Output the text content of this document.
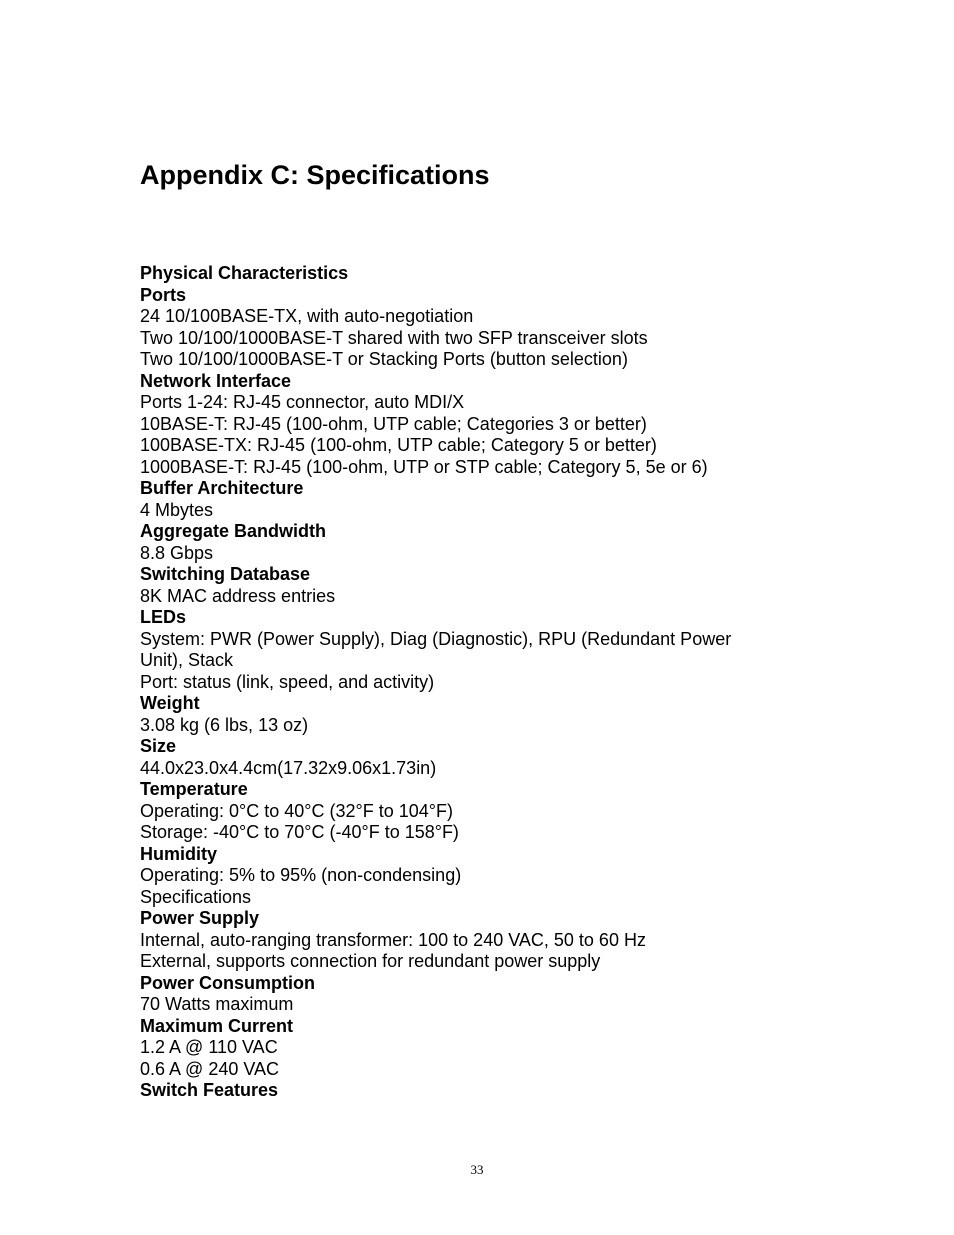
Appendix C: Specifications
Physical Characteristics
Ports
24 10/100BASE-TX, with auto-negotiation
Two 10/100/1000BASE-T shared with two SFP transceiver slots
Two 10/100/1000BASE-T or Stacking Ports (button selection)
Network Interface
Ports 1-24: RJ-45 connector, auto MDI/X
10BASE-T: RJ-45 (100-ohm, UTP cable; Categories 3 or better)
100BASE-TX: RJ-45 (100-ohm, UTP cable; Category 5 or better)
1000BASE-T: RJ-45 (100-ohm, UTP or STP cable; Category 5, 5e or 6)
Buffer Architecture
4 Mbytes
Aggregate Bandwidth
8.8 Gbps
Switching Database
8K MAC address entries
LEDs
System: PWR (Power Supply), Diag (Diagnostic), RPU (Redundant Power
Unit), Stack
Port: status (link, speed, and activity)
Weight
3.08 kg (6 lbs, 13 oz)
Size
44.0x23.0x4.4cm(17.32x9.06x1.73in)
Temperature
Operating: 0°C to 40°C (32°F to 104°F)
Storage: -40°C to 70°C (-40°F to 158°F)
Humidity
Operating: 5% to 95% (non-condensing)
Specifications
Power Supply
Internal, auto-ranging transformer: 100 to 240 VAC, 50 to 60 Hz
External, supports connection for redundant power supply
Power Consumption
70 Watts maximum
Maximum Current
1.2 A @ 110 VAC
0.6 A @ 240 VAC
Switch Features
33
